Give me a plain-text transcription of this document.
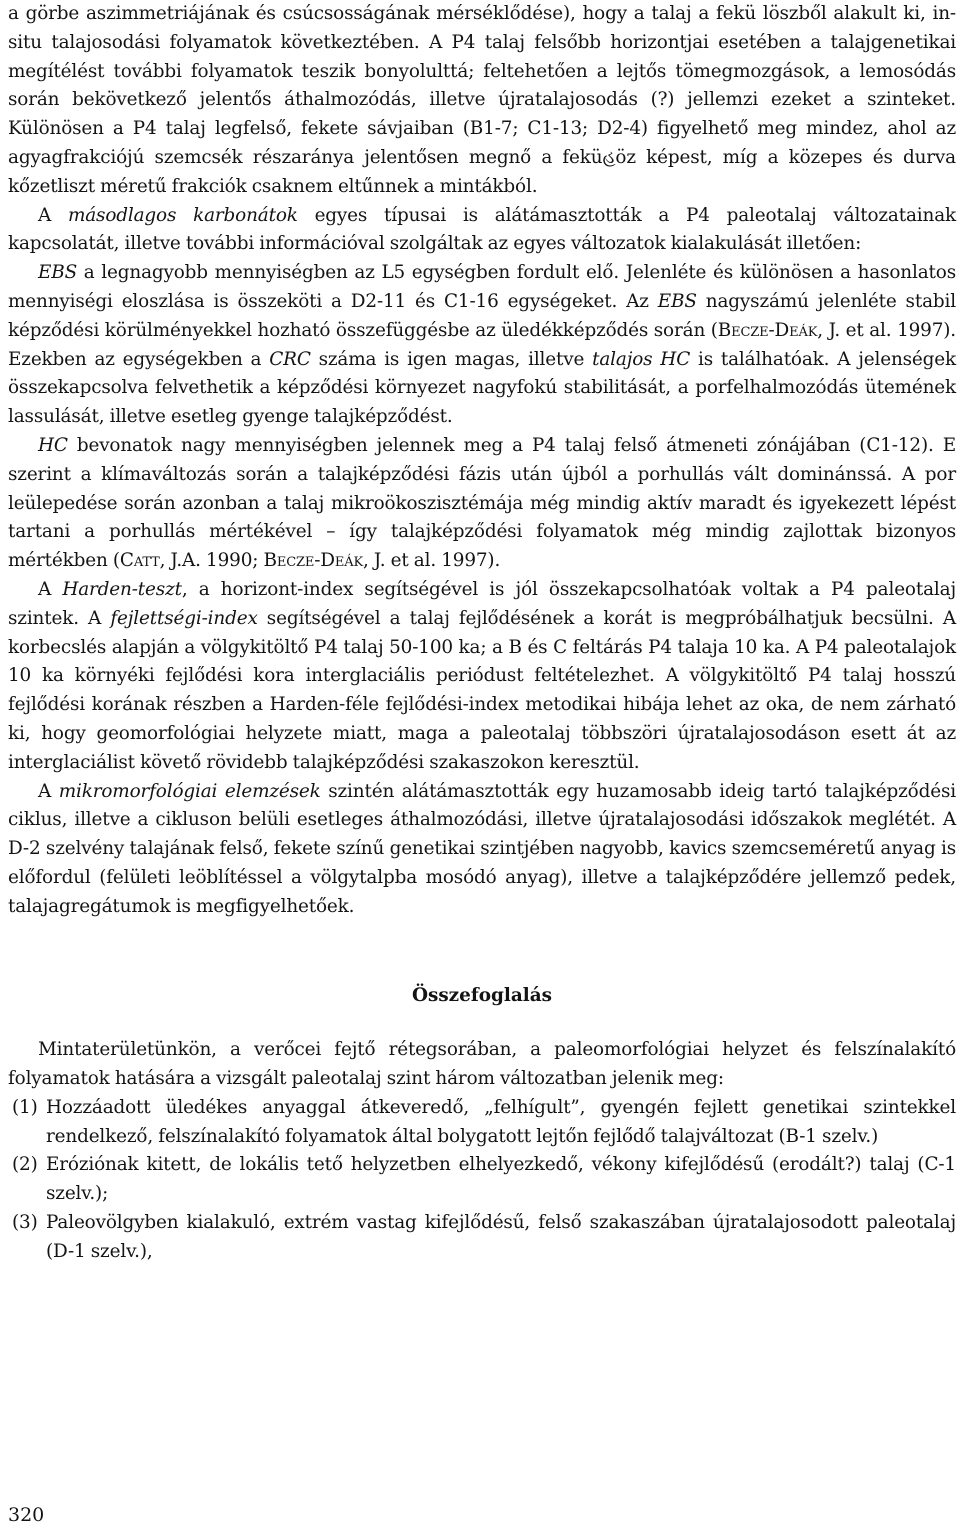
a görbe aszimmetriájának és csúcsosságának mérséklődése), hogy a talaj a fekü löszből alakult ki, in-situ talajosodási folyamatok következtében. A P4 talaj felsőbb horizontjai esetében a talajgenetikai megítélést további folyamatok teszik bonyolulttá; feltehetően a lejtős tömegmozgások, a lemosódás során bekövetkező jelentős áthalmozódás, illetve újratalajosodás (?) jellemzi ezeket a szinteket. Különösen a P4 talaj legfelső, fekete sávjaiban (B1-7; C1-13; D2-4) figyelhető meg mindez, ahol az agyagfrakciójú szemcsék részaránya jelentősen megnő a feküહöz képest, míg a közepes és durva kőzetliszt méretű frakciók csaknem eltűnnek a mintákból.

A másodlagos karbonátok egyes típusai is alátámasztották a P4 paleotalaj változatainak kapcsolatát, illetve további információval szolgáltak az egyes változatok kialakulását illetően:

EBS a legnagyobb mennyiségben az L5 egységben fordult elő. Jelenléte és különösen a hasonlatos mennyiségi eloszlása is összeköti a D2-11 és C1-16 egységeket. Az EBS nagyszámú jelenléte stabil képződési körülményekkel hozható összefüggésbe az üledékképződés során (Becze-Deák, J. et al. 1997). Ezekben az egységekben a CRC száma is igen magas, illetve talajos HC is találhatóak. A jelenségek összekapcsolva felvethetik a képződési környezet nagyfokú stabilitását, a porfelhalmozódás ütemének lassulását, illetve esetleg gyenge talajképződést.

HC bevonatok nagy mennyiségben jelennek meg a P4 talaj felső átmeneti zónájában (C1-12). E szerint a klímaváltozás során a talajképződési fázis után újból a porhullás vált dominánssá. A por leülepedése során azonban a talaj mikroökoszisztémája még mindig aktív maradt és igyekezett lépést tartani a porhullás mértékével – így talajképződési folyamatok még mindig zajlottak bizonyos mértékben (Catt, J.A. 1990; Becze-Deák, J. et al. 1997).

A Harden-teszt, a horizont-index segítségével is jól összekapcsolhatóak voltak a P4 paleotalaj szintek. A fejlettségi-index segítségével a talaj fejlődésének a korát is megpróbálhatjuk becsülni. A korbecslés alapján a völgykitöltő P4 talaj 50-100 ka; a B és C feltárás P4 talaja 10 ka. A P4 paleotalajok 10 ka környéki fejlődési kora interglaciális periódust feltételezhet. A völgykitöltő P4 talaj hosszú fejlődési korának részben a Harden-féle fejlődési-index metodikai hibája lehet az oka, de nem zárható ki, hogy geomorfológiai helyzete miatt, maga a paleotalaj többszöri újratalajosodáson esett át az interglaciálist követő rövidebb talajképződési szakaszokon keresztül.

A mikromorfológiai elemzések szintén alátámasztották egy huzamosabb ideig tartó talajképződési ciklus, illetve a cikluson belüli esetleges áthalmozódási, illetve újratalajosodási időszakok meglétét. A D-2 szelvény talajának felső, fekete színű genetikai szintjében nagyobb, kavics szemcseméretű anyag is előfordul (felületi leöblítéssel a völgytalpba mosódó anyag), illetve a talajképződére jellemző pedek, talajagregátumok is megfigyelhetőek.

Összefoglalás

Mintaterületünkön, a verőcei fejtő rétegsorában, a paleomorfológiai helyzet és felszínalakító folyamatok hatására a vizsgált paleotalaj szint három változatban jelenik meg:

(1) Hozzáadott üledékes anyaggal átkeveredő, „felhígult”, gyengén fejlett genetikai szintekkel rendelkező, felszínalakító folyamatok által bolygatott lejtőn fejlődő talajváltozat (B-1 szelv.)
(2) Eróziónak kitett, de lokális tető helyzetben elhelyezkedő, vékony kifejlődésű (erodált?) talaj (C-1 szelv.);
(3) Paleovölgyben kialakuló, extrém vastag kifejlődésű, felső szakaszában újratalajosodott paleotalaj (D-1 szelv.),
320
